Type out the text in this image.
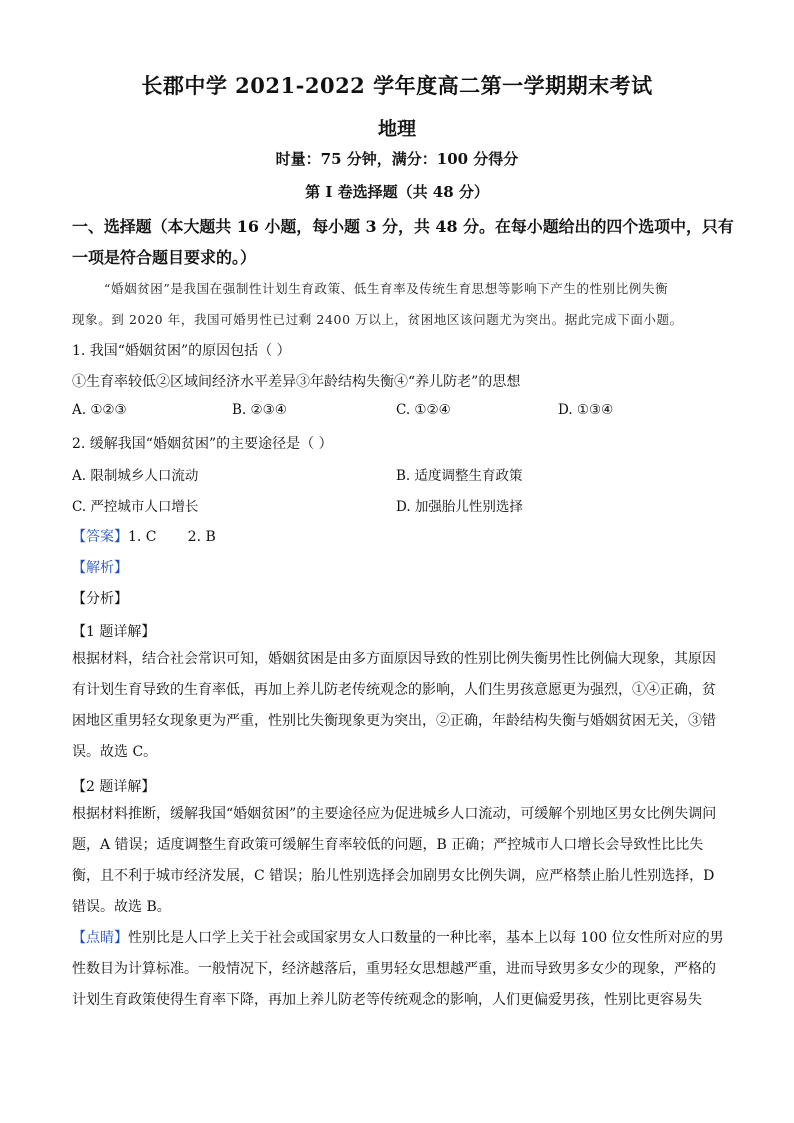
长郡中学 2021-2022 学年度高二第一学期期末考试
地理
时量：75 分钟，满分：100 分得分
第 I 卷选择题（共 48 分）
一、选择题（本大题共 16 小题，每小题 3 分，共 48 分。在每小题给出的四个选项中，只有
一项是符合题目要求的。）
“婚姻贫困”是我国在强制性计划生育政策、低生育率及传统生育思想等影响下产生的性别比例失衡
现象。到 2020 年，我国可婚男性已过剩 2400 万以上，贫困地区该问题尤为突出。据此完成下面小题。
1. 我国“婚姻贫困”的原因包括（ ）
①生育率较低②区域间经济水平差异③年龄结构失衡④“养儿防老”的思想
A. ①②③	B. ②③④	C. ①②④	D. ①③④
2. 缓解我国“婚姻贫困”的主要途径是（ ）
A. 限制城乡人口流动	B. 适度调整生育政策
C. 严控城市人口增长	D. 加强胎儿性别选择
【答案】1. C       2. B
【解析】
【分析】
【1 题详解】
根据材料，结合社会常识可知，婚姻贫困是由多方面原因导致的性别比例失衡男性比例偏大现象，其原因
有计划生育导致的生育率低，再加上养儿防老传统观念的影响，人们生男孩意愿更为强烈，①④正确，贫
困地区重男轻女现象更为严重，性别比失衡现象更为突出，②正确，年龄结构失衡与婚姻贫困无关，③错
误。故选 C。
【2 题详解】
根据材料推断，缓解我国“婚姻贫困”的主要途径应为促进城乡人口流动，可缓解个别地区男女比例失调问
题，A 错误；适度调整生育政策可缓解生育率较低的问题，B 正确；严控城市人口增长会导致性比比失
衡，且不利于城市经济发展，C 错误；胎儿性别选择会加剧男女比例失调，应严格禁止胎儿性别选择，D
错误。故选 B。
【点睛】性别比是人口学上关于社会或国家男女人口数量的一种比率，基本上以每 100 位女性所对应的男
性数目为计算标准。一般情况下，经济越落后，重男轻女思想越严重，进而导致男多女少的现象，严格的
计划生育政策使得生育率下降，再加上养儿防老等传统观念的影响，人们更偏爱男孩，性别比更容易失
